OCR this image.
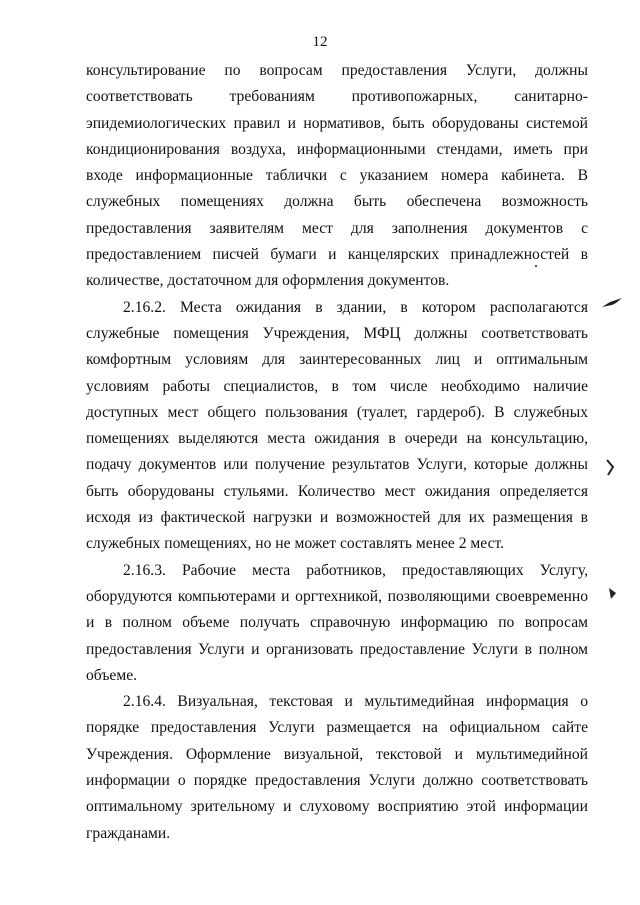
12

консультирование по вопросам предоставления Услуги, должны соответствовать требованиям противопожарных, санитарно-эпидемиологических правил и нормативов, быть оборудованы системой кондиционирования воздуха, информационными стендами, иметь при входе информационные таблички с указанием номера кабинета. В служебных помещениях должна быть обеспечена возможность предоставления заявителям мест для заполнения документов с предоставлением писчей бумаги и канцелярских принадлежностей в количестве, достаточном для оформления документов.

2.16.2. Места ожидания в здании, в котором располагаются служебные помещения Учреждения, МФЦ должны соответствовать комфортным условиям для заинтересованных лиц и оптимальным условиям работы специалистов, в том числе необходимо наличие доступных мест общего пользования (туалет, гардероб). В служебных помещениях выделяются места ожидания в очереди на консультацию, подачу документов или получение результатов Услуги, которые должны быть оборудованы стульями. Количество мест ожидания определяется исходя из фактической нагрузки и возможностей для их размещения в служебных помещениях, но не может составлять менее 2 мест.

2.16.3. Рабочие места работников, предоставляющих Услугу, оборудуются компьютерами и оргтехникой, позволяющими своевременно и в полном объеме получать справочную информацию по вопросам предоставления Услуги и организовать предоставление Услуги в полном объеме.

2.16.4. Визуальная, текстовая и мультимедийная информация о порядке предоставления Услуги размещается на официальном сайте Учреждения. Оформление визуальной, текстовой и мультимедийной информации о порядке предоставления Услуги должно соответствовать оптимальному зрительному и слуховому восприятию этой информации гражданами.
